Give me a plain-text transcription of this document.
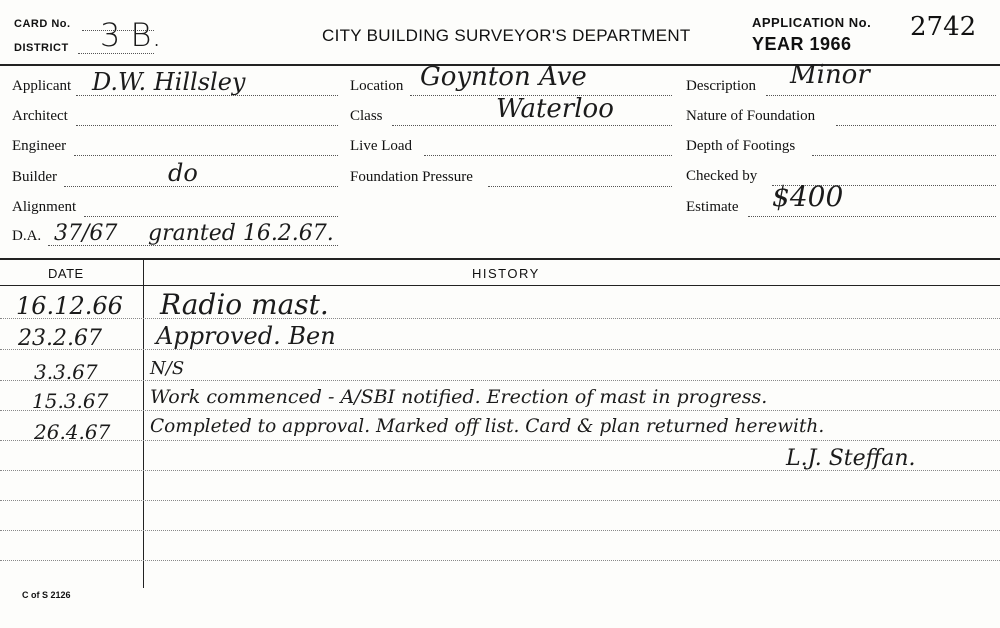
CARD No.
DISTRICT 3 B.	CITY BUILDING SURVEYOR'S DEPARTMENT
APPLICATION No. 2742
YEAR 1966
Applicant D.W. Hillsley
Architect
Engineer
Builder	do
Alignment
D.A. 37/67 granted 16.2.67.
Location Goynton Ave
Class	Waterloo
Live Load
Foundation Pressure
Description Minor
Nature of Foundation
Depth of Footings
Checked by
Estimate $400
DATE	HISTORY
16.12.66 Radio mast.
23.2.67 Approved. Ben
3.3.67	N/S
15.3.67 Work commenced - A/SBI notified. Erection of mast in progress.
26.4.67 Completed to approval. Marked off list. Card & plan returned herewith.
L.J. Steffan.
C of S 2126
